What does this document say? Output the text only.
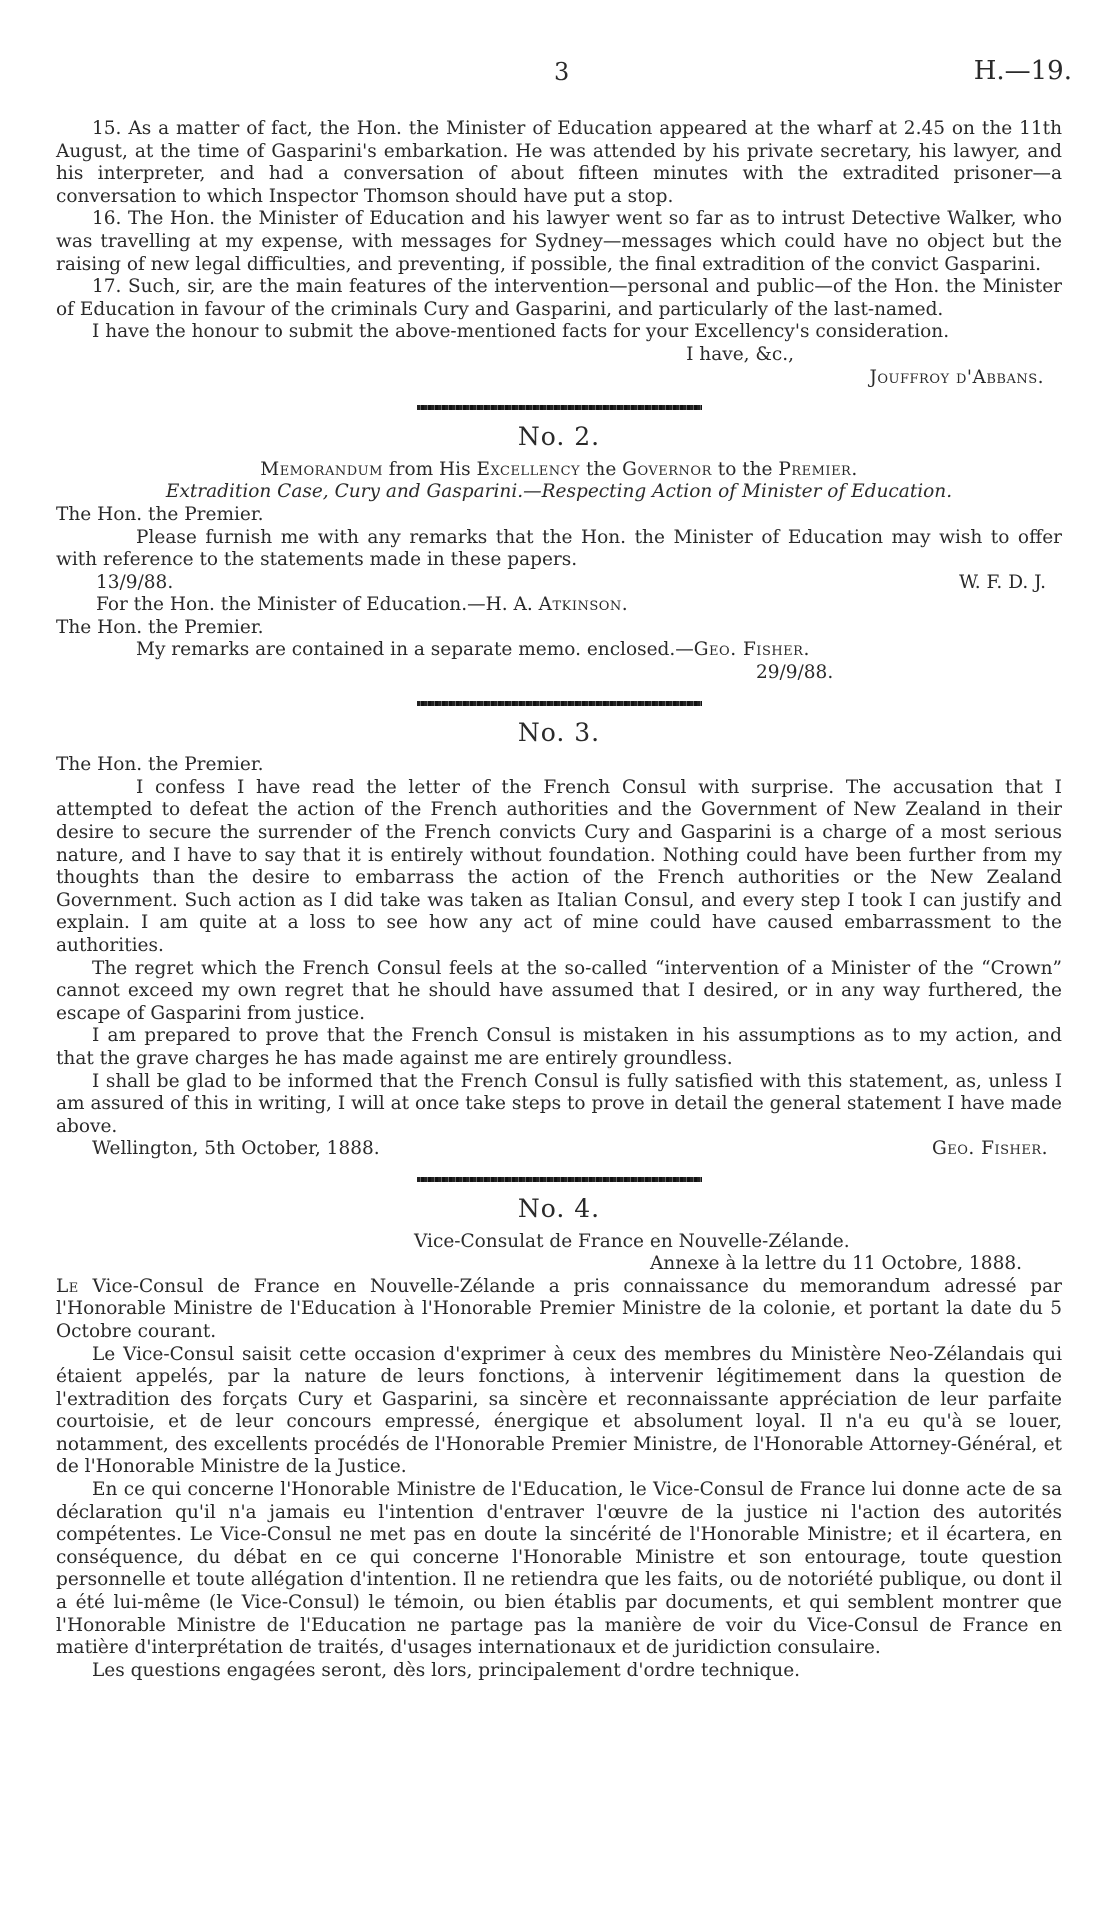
3	H.—19.

15. As a matter of fact, the Hon. the Minister of Education appeared at the wharf at 2.45 on the 11th August, at the time of Gasparini's embarkation. He was attended by his private secretary, his lawyer, and his interpreter, and had a conversation of about fifteen minutes with the extradited prisoner—a conversation to which Inspector Thomson should have put a stop.

16. The Hon. the Minister of Education and his lawyer went so far as to intrust Detective Walker, who was travelling at my expense, with messages for Sydney—messages which could have no object but the raising of new legal difficulties, and preventing, if possible, the final extradition of the convict Gasparini.

17. Such, sir, are the main features of the intervention—personal and public—of the Hon. the Minister of Education in favour of the criminals Cury and Gasparini, and particularly of the last-named.

I have the honour to submit the above-mentioned facts for your Excellency's consideration.

I have, &c.,

Jouffroy d'Abbans.

No. 2.

Memorandum from His Excellency the Governor to the Premier.

Extradition Case, Cury and Gasparini.—Respecting Action of Minister of Education.

The Hon. the Premier.

Please furnish me with any remarks that the Hon. the Minister of Education may wish to offer with reference to the statements made in these papers.

13/9/88.	W. F. D. J.

For the Hon. the Minister of Education.—H. A. Atkinson.

The Hon. the Premier.

My remarks are contained in a separate memo. enclosed.—Geo. Fisher.

29/9/88.

No. 3.

The Hon. the Premier.

I confess I have read the letter of the French Consul with surprise. The accusation that I attempted to defeat the action of the French authorities and the Government of New Zealand in their desire to secure the surrender of the French convicts Cury and Gasparini is a charge of a most serious nature, and I have to say that it is entirely without foundation. Nothing could have been further from my thoughts than the desire to embarrass the action of the French authorities or the New Zealand Government. Such action as I did take was taken as Italian Consul, and every step I took I can justify and explain. I am quite at a loss to see how any act of mine could have caused embarrassment to the authorities.

The regret which the French Consul feels at the so-called “intervention of a Minister of the “Crown” cannot exceed my own regret that he should have assumed that I desired, or in any way furthered, the escape of Gasparini from justice.

I am prepared to prove that the French Consul is mistaken in his assumptions as to my action, and that the grave charges he has made against me are entirely groundless.

I shall be glad to be informed that the French Consul is fully satisfied with this statement, as, unless I am assured of this in writing, I will at once take steps to prove in detail the general statement I have made above.

Wellington, 5th October, 1888.	Geo. Fisher.
No. 4.

Vice-Consulat de France en Nouvelle-Zélande.

Annexe à la lettre du 11 Octobre, 1888.

Le Vice-Consul de France en Nouvelle-Zélande a pris connaissance du memorandum adressé par l'Honorable Ministre de l'Education à l'Honorable Premier Ministre de la colonie, et portant la date du 5 Octobre courant.

Le Vice-Consul saisit cette occasion d'exprimer à ceux des membres du Ministère Neo-Zélandais qui étaient appelés, par la nature de leurs fonctions, à intervenir légitimement dans la question de l'extradition des forçats Cury et Gasparini, sa sincère et reconnaissante appréciation de leur parfaite courtoisie, et de leur concours empressé, énergique et absolument loyal. Il n'a eu qu'à se louer, notamment, des excellents procédés de l'Honorable Premier Ministre, de l'Honorable Attorney-Général, et de l'Honorable Ministre de la Justice.

En ce qui concerne l'Honorable Ministre de l'Education, le Vice-Consul de France lui donne acte de sa déclaration qu'il n'a jamais eu l'intention d'entraver l'œuvre de la justice ni l'action des autorités compétentes. Le Vice-Consul ne met pas en doute la sincérité de l'Honorable Ministre; et il écartera, en conséquence, du débat en ce qui concerne l'Honorable Ministre et son entourage, toute question personnelle et toute allégation d'intention. Il ne retiendra que les faits, ou de notoriété publique, ou dont il a été lui-même (le Vice-Consul) le témoin, ou bien établis par documents, et qui semblent montrer que l'Honorable Ministre de l'Education ne partage pas la manière de voir du Vice-Consul de France en matière d'interprétation de traités, d'usages internationaux et de juridiction consulaire.

Les questions engagées seront, dès lors, principalement d'ordre technique.
